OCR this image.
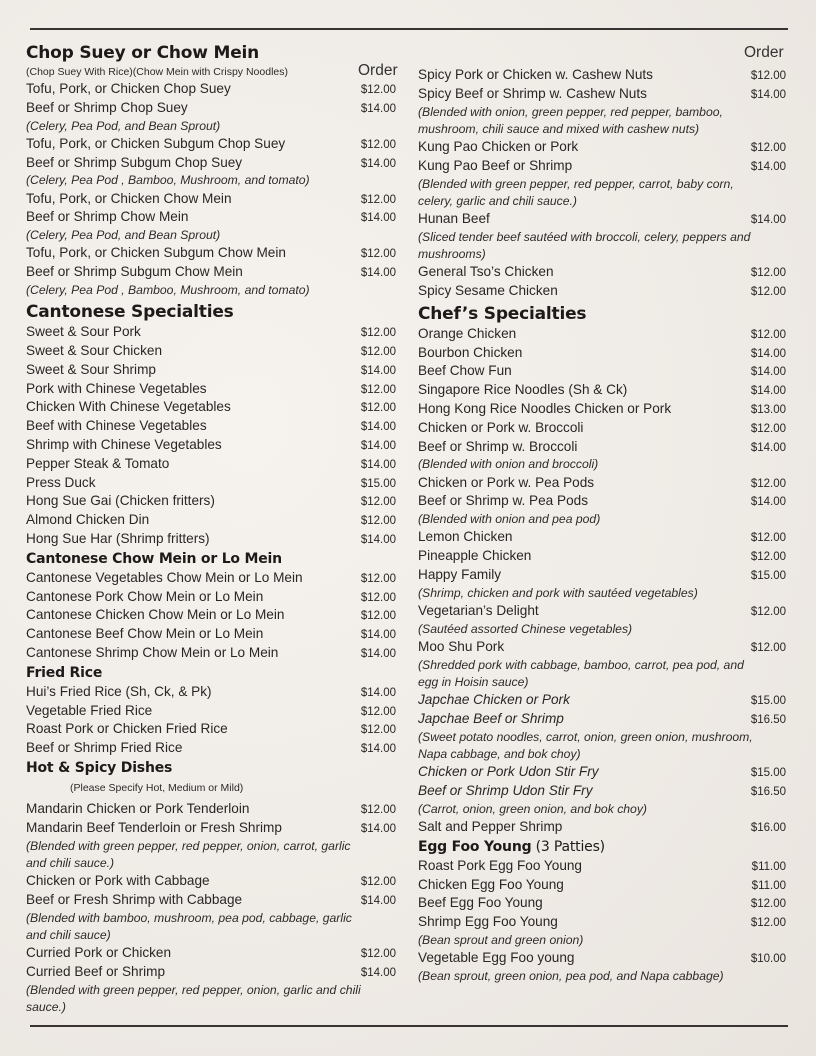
Order
Chop Suey or Chow Mein
(Chop Suey With Rice)(Chow Mein with Crispy Noodles)
Tofu, Pork, or Chicken Chop Suey	$12.00
Beef or Shrimp Chop Suey	$14.00
(Celery, Pea Pod, and Bean Sprout)
Tofu, Pork, or Chicken Subgum Chop Suey	$12.00
Beef or Shrimp Subgum Chop Suey	$14.00
(Celery, Pea Pod , Bamboo, Mushroom, and tomato)
Tofu, Pork, or Chicken Chow Mein	$12.00
Beef or Shrimp Chow Mein	$14.00
(Celery, Pea Pod, and Bean Sprout)
Tofu, Pork, or Chicken Subgum Chow Mein	$12.00
Beef or Shrimp Subgum Chow Mein	$14.00
(Celery, Pea Pod , Bamboo, Mushroom, and tomato)
Cantonese Specialties
Sweet & Sour Pork	$12.00
Sweet & Sour Chicken	$12.00
Sweet & Sour Shrimp	$14.00
Pork with Chinese Vegetables	$12.00
Chicken With Chinese Vegetables	$12.00
Beef with Chinese Vegetables	$14.00
Shrimp with Chinese Vegetables	$14.00
Pepper Steak & Tomato	$14.00
Press Duck	$15.00
Hong Sue Gai (Chicken fritters)	$12.00
Almond Chicken Din	$12.00
Hong Sue Har (Shrimp fritters)	$14.00
Cantonese Chow Mein or Lo Mein
Cantonese Vegetables Chow Mein or Lo Mein	$12.00
Cantonese Pork Chow Mein or Lo Mein	$12.00
Cantonese Chicken Chow Mein or Lo Mein	$12.00
Cantonese Beef Chow Mein or Lo Mein	$14.00
Cantonese Shrimp Chow Mein or Lo Mein	$14.00
Fried Rice
Hui’s Fried Rice (Sh, Ck, & Pk)	$14.00
Vegetable Fried Rice	$12.00
Roast Pork or Chicken Fried Rice	$12.00
Beef or Shrimp Fried Rice	$14.00
Hot & Spicy Dishes
(Please Specify Hot, Medium or Mild)
Mandarin Chicken or Pork Tenderloin	$12.00
Mandarin Beef Tenderloin or Fresh Shrimp	$14.00
(Blended with green pepper, red pepper, onion, carrot, garlic and chili sauce.)
Chicken or Pork with Cabbage	$12.00
Beef or Fresh Shrimp with Cabbage	$14.00
(Blended with bamboo, mushroom, pea pod, cabbage, garlic and chili sauce)
Curried Pork or Chicken	$12.00
Curried Beef or Shrimp	$14.00
(Blended with green pepper, red pepper, onion, garlic and chili sauce.)
Order
Spicy Pork or Chicken w. Cashew Nuts	$12.00
Spicy Beef or Shrimp w. Cashew Nuts	$14.00
(Blended with onion, green pepper, red pepper, bamboo, mushroom, chili sauce and mixed with cashew nuts)
Kung Pao Chicken or Pork	$12.00
Kung Pao Beef or Shrimp	$14.00
(Blended with green pepper, red pepper, carrot, baby corn, celery, garlic and chili sauce.)
Hunan Beef	$14.00
(Sliced tender beef sautéed with broccoli, celery, peppers and mushrooms)
General Tso’s Chicken	$12.00
Spicy Sesame Chicken	$12.00
Chef’s Specialties
Orange Chicken	$12.00
Bourbon Chicken	$14.00
Beef Chow Fun	$14.00
Singapore Rice Noodles (Sh & Ck)	$14.00
Hong Kong Rice Noodles Chicken or Pork	$13.00
Chicken or Pork w. Broccoli	$12.00
Beef or Shrimp w. Broccoli	$14.00
(Blended with onion and broccoli)
Chicken or Pork w. Pea Pods	$12.00
Beef or Shrimp w. Pea Pods	$14.00
(Blended with onion and pea pod)
Lemon Chicken	$12.00
Pineapple Chicken	$12.00
Happy Family	$15.00
(Shrimp, chicken and pork with sautéed vegetables)
Vegetarian’s Delight	$12.00
(Sautéed assorted Chinese vegetables)
Moo Shu Pork	$12.00
(Shredded pork with cabbage, bamboo, carrot, pea pod, and egg in Hoisin sauce)
Japchae Chicken or Pork	$15.00
Japchae Beef or Shrimp	$16.50
(Sweet potato noodles, carrot, onion, green onion, mushroom, Napa cabbage, and bok choy)
Chicken or Pork Udon Stir Fry	$15.00
Beef or Shrimp Udon Stir Fry	$16.50
(Carrot, onion, green onion, and bok choy)
Salt and Pepper Shrimp	$16.00
Egg Foo Young (3 Patties)
Roast Pork Egg Foo Young	$11.00
Chicken Egg Foo Young	$11.00
Beef Egg Foo Young	$12.00
Shrimp Egg Foo Young	$12.00
(Bean sprout and green onion)
Vegetable Egg Foo young	$10.00
(Bean sprout, green onion, pea pod, and Napa cabbage)
